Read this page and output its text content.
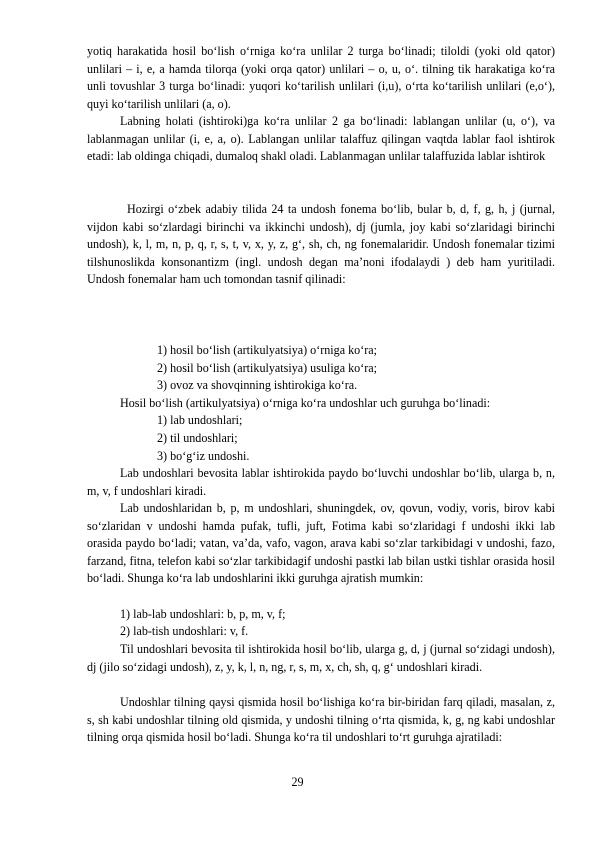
yotiq harakatida hosil bo‘lish o‘rniga ko‘ra unlilar 2 turga bo‘linadi; tiloldi (yoki old qator) unlilari – i, e, a hamda tilorqa (yoki orqa qator) unlilari – o, u, o‘. tilning tik harakatiga ko‘ra unli tovushlar 3 turga bo‘linadi: yuqori ko‘tarilish unlilari (i,u), o‘rta ko‘tarilish unlilari (e,o‘), quyi ko‘tarilish unlilari (a, o).

Labning holati (ishtiroki)ga ko‘ra unlilar 2 ga bo‘linadi: lablangan unlilar (u, o‘), va lablanmagan unlilar (i, e, a, o). Lablangan unlilar talaffuz qilingan vaqtda lablar faol ishtirok etadi: lab oldinga chiqadi, dumaloq shakl oladi. Lablanmagan unlilar talaffuzida lablar ishtirok

Hozirgi o‘zbek adabiy tilida 24 ta undosh fonema bo‘lib, bular b, d, f, g, h, j (jurnal, vijdon kabi so‘zlardagi birinchi va ikkinchi undosh), dj (jumla, joy kabi so‘zlaridagi birinchi undosh), k, l, m, n, p, q, r, s, t, v, x, y, z, g‘, sh, ch, ng fonemalaridir. Undosh fonemalar tizimi tilshunoslikda konsonantizm (ingl. undosh degan ma’noni ifodalaydi ) deb ham yuritiladi. Undosh fonemalar ham uch tomondan tasnif qilinadi:

1) hosil bo‘lish (artikulyatsiya) o‘rniga ko‘ra;

2) hosil bo‘lish (artikulyatsiya) usuliga ko‘ra;

3) ovoz va shovqinning ishtirokiga ko‘ra.

Hosil bo‘lish (artikulyatsiya) o‘rniga ko‘ra undoshlar uch guruhga bo‘linadi:

1) lab undoshlari;

2) til undoshlari;

3) bo‘g‘iz undoshi.

Lab undoshlari bevosita lablar ishtirokida paydo bo‘luvchi undoshlar bo‘lib, ularga b, n, m, v, f undoshlari kiradi.

Lab undoshlaridan b, p, m undoshlari, shuningdek, ov, qovun, vodiy, voris, birov kabi so‘zlaridan v undoshi hamda pufak, tufli, juft, Fotima kabi so‘zlaridagi f undoshi ikki lab orasida paydo bo‘ladi; vatan, va’da, vafo, vagon, arava kabi so‘zlar tarkibidagi v undoshi, fazo, farzand, fitna, telefon kabi so‘zlar tarkibidagif undoshi pastki lab bilan ustki tishlar orasida hosil bo‘ladi. Shunga ko‘ra lab undoshlarini ikki guruhga ajratish mumkin:

1) lab-lab undoshlari: b, p, m, v, f;

2) lab-tish undoshlari: v, f.

Til undoshlari bevosita til ishtirokida hosil bo‘lib, ularga g, d, j (jurnal so‘zidagi undosh), dj (jilo so‘zidagi undosh), z, y, k, l, n, ng, r, s, m, x, ch, sh, q, g‘ undoshlari kiradi.

Undoshlar tilning qaysi qismida hosil bo‘lishiga ko‘ra bir-biridan farq qiladi, masalan, z, s, sh kabi undoshlar tilning old qismida, y undoshi tilning o‘rta qismida, k, g, ng kabi undoshlar tilning orqa qismida hosil bo‘ladi. Shunga ko‘ra til undoshlari to‘rt guruhga ajratiladi:

29
